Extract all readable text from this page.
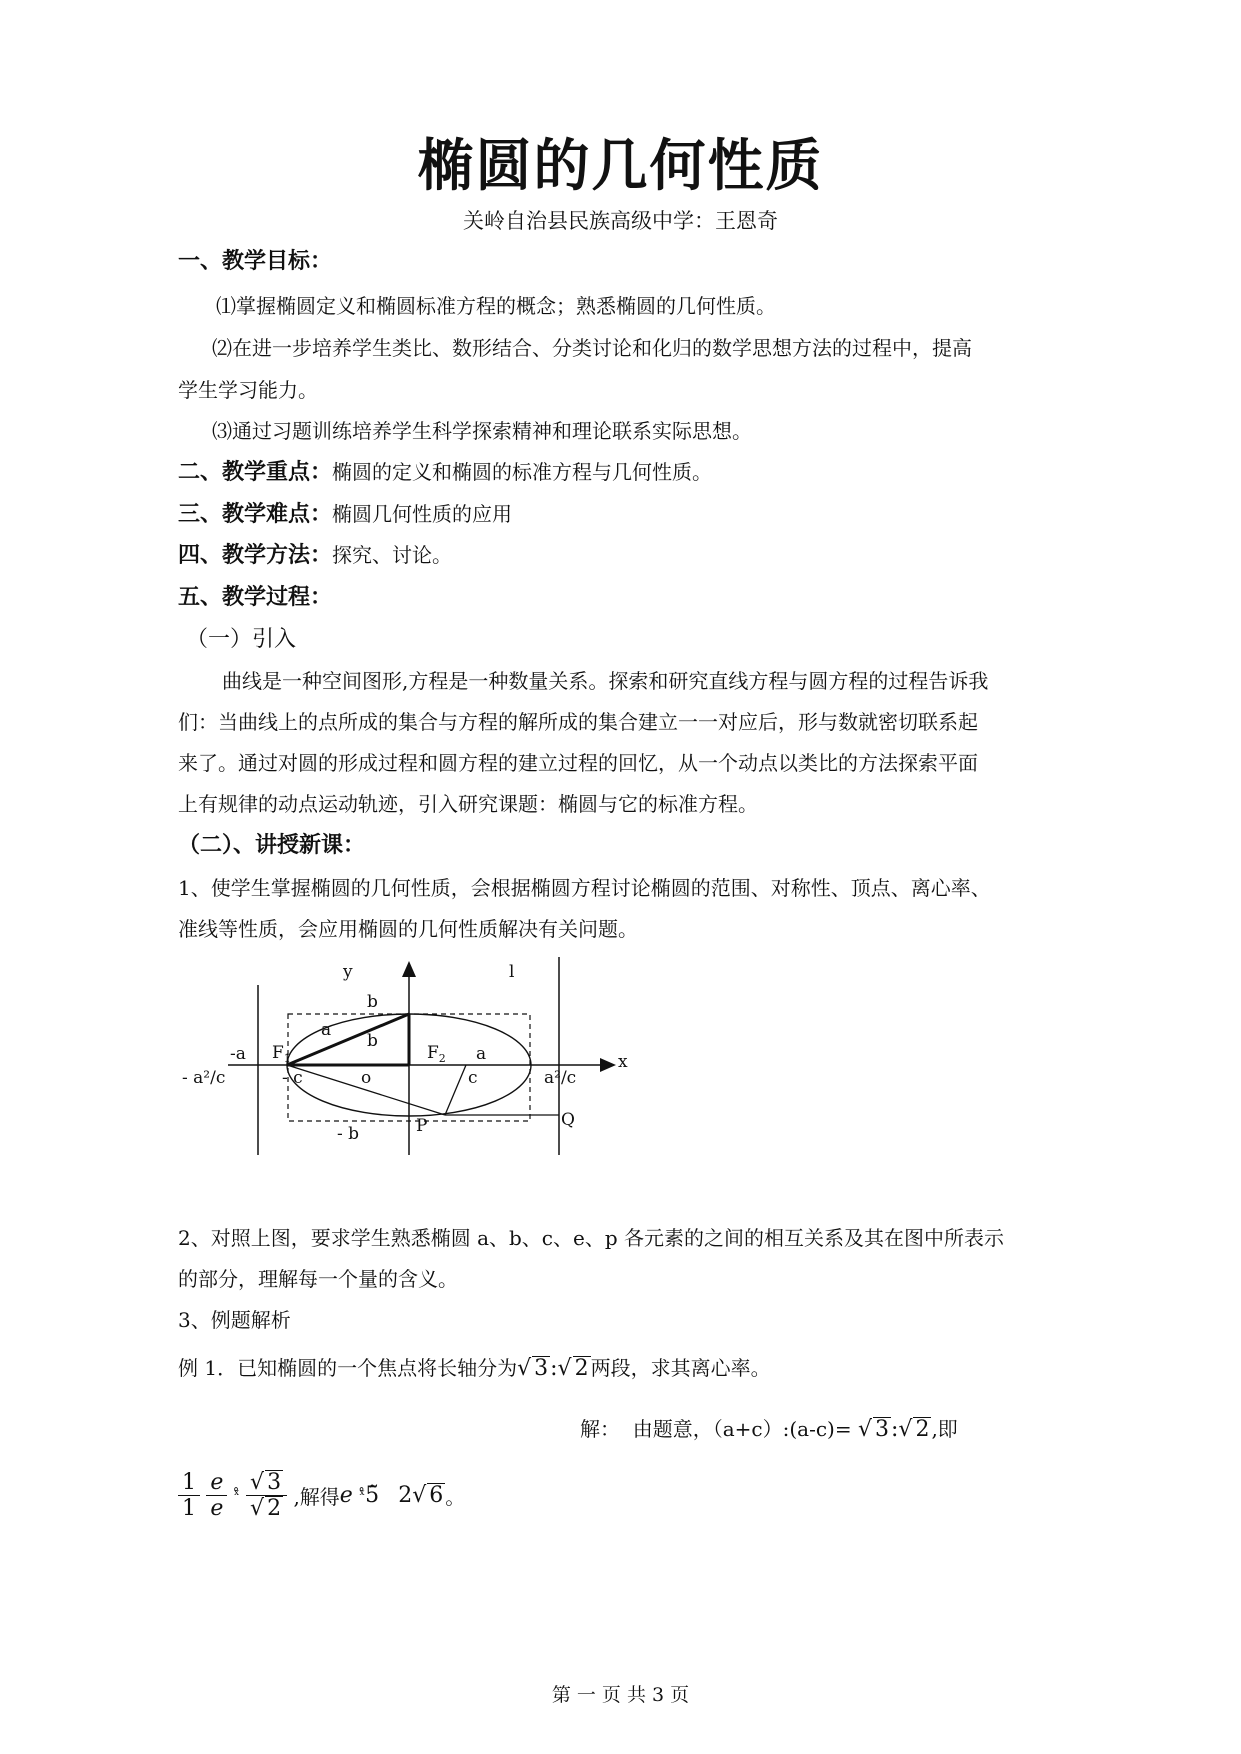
椭圆的几何性质
关岭自治县民族高级中学：王恩奇
一、教学目标：
⑴掌握椭圆定义和椭圆标准方程的概念；熟悉椭圆的几何性质。
⑵在进一步培养学生类比、数形结合、分类讨论和化归的数学思想方法的过程中，提高
学生学习能力。
⑶通过习题训练培养学生科学探索精神和理论联系实际思想。
二、教学重点：椭圆的定义和椭圆的标准方程与几何性质。
三、教学难点：椭圆几何性质的应用
四、教学方法：探究、讨论。
五、教学过程：
（一）引入
曲线是一种空间图形,方程是一种数量关系。探索和研究直线方程与圆方程的过程告诉我
们：当曲线上的点所成的集合与方程的解所成的集合建立一一对应后，形与数就密切联系起
来了。通过对圆的形成过程和圆方程的建立过程的回忆，从一个动点以类比的方法探索平面
上有规律的动点运动轨迹，引入研究课题：椭圆与它的标准方程。
（二）、讲授新课：
1、使学生掌握椭圆的几何性质，会根据椭圆方程讨论椭圆的范围、对称性、顶点、离心率、
准线等性质，会应用椭圆的几何性质解决有关问题。
y
x
l
b
b
- b
-a	a
a
$F_1$	$F_2$
- c	c
o
- a²/c	a²/c
P	Q
2、对照上图，要求学生熟悉椭圆 a、b、c、e、p 各元素的之间的相互关系及其在图中所表示
的部分，理解每一个量的含义。
3、例题解析
例 1．已知椭圆的一个焦点将长轴分为√ 3:√ 2 两段，求其离心率。
解： 由题意，（a+c）:(a-c)= √ 3:√ 2 ,即
$\frac{1}{1}$
$\frac{e}{e}$ ˣ̊ $\frac{√ 3}{√ 2}$ ,解得e ˣ̊5̃ 2√ 6 。
第 一 页 共 3 页
